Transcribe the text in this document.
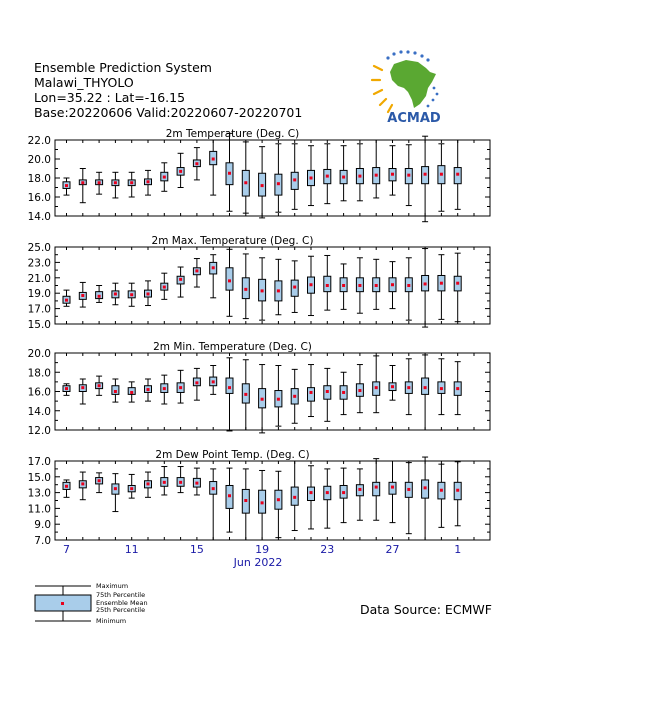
Ensemble Prediction System
Malawi_THYOLO
Lon=35.22 : Lat=-16.15
Base:20220606 Valid:20220607-20220701	ACMAD
2m Temperature (Deg. C)
22.0
20.0
18.0
16.0
14.0
2m Max. Temperature (Deg. C)
25.0
23.0
21.0
19.0
17.0
15.0
2m Min. Temperature (Deg. C)
20.0
18.0
16.0
14.0
12.0
2m Dew Point Temp. (Deg. C)
17.0
15.0
13.0
11.0
9.0
7.0
7	11	15	19	23	27	1
Jun 2022
Maximum
75th Percentile
Ensemble Mean
25th Percentile
Minimum
Data Source: ECMWF
